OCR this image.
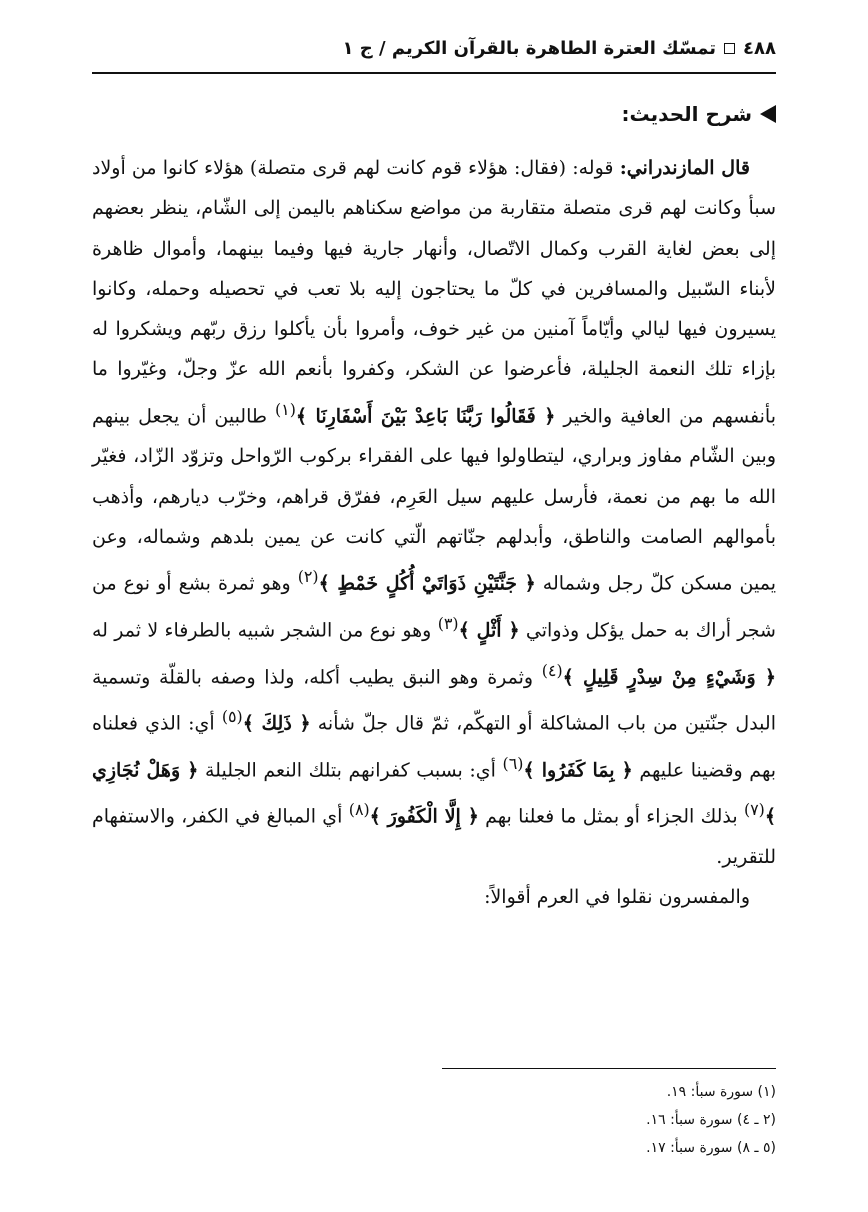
٤٨٨
تمسّك العترة الطاهرة بالقرآن الكريم / ج ١
شرح الحديث:

قال المازندراني: قوله: (فقال: هؤلاء قوم كانت لهم قرى متصلة) هؤلاء كانوا من أولاد سبأ وكانت لهم قرى متصلة متقاربة من مواضع سكناهم باليمن إلى الشّام، ينظر بعضهم إلى بعض لغاية القرب وكمال الاتّصال، وأنهار جارية فيها وفيما بينهما، وأموال ظاهرة لأبناء السّبيل والمسافرين في كلّ ما يحتاجون إليه بلا تعب في تحصيله وحمله، وكانوا يسيرون فيها ليالي وأيّاماً آمنين من غير خوف، وأمروا بأن يأكلوا رزق ربّهم ويشكروا له بإزاء تلك النعمة الجليلة، فأعرضوا عن الشكر، وكفروا بأنعم الله عزّ وجلّ، وغيّروا ما بأنفسهم من العافية والخير ﴿ فَقَالُوا رَبَّنَا بَاعِدْ بَيْنَ أَسْفَارِنَا ﴾$^{(١)}$ طالبين أن يجعل بينهم وبين الشّام مفاوز وبراري، ليتطاولوا فيها على الفقراء بركوب الرّواحل وتزوّد الزّاد، فغيّر الله ما بهم من نعمة، فأرسل عليهم سيل العَرِم، ففرّق قراهم، وخرّب ديارهم، وأذهب بأموالهم الصامت والناطق، وأبدلهم جنّاتهم الّتي كانت عن يمين بلدهم وشماله، وعن يمين مسكن كلّ رجل وشماله ﴿ جَنَّتَيْنِ ذَوَاتَيْ أُكُلٍ خَمْطٍ ﴾$^{(٢)}$ وهو ثمرة بشع أو نوع من شجر أراك به حمل يؤكل وذواتي ﴿ أَثْلٍ ﴾$^{(٣)}$ وهو نوع من الشجر شبيه بالطرفاء لا ثمر له ﴿ وَشَيْءٍ مِنْ سِدْرٍ قَلِيلٍ ﴾$^{(٤)}$ وثمرة وهو النبق يطيب أكله، ولذا وصفه بالقلّة وتسمية البدل جنّتين من باب المشاكلة أو التهكّم، ثمّ قال جلّ شأنه ﴿ ذَلِكَ ﴾$^{(٥)}$ أي: الذي فعلناه بهم وقضينا عليهم ﴿ بِمَا كَفَرُوا ﴾$^{(٦)}$ أي: بسبب كفرانهم بتلك النعم الجليلة ﴿ وَهَلْ نُجَازِي ﴾$^{(٧)}$ بذلك الجزاء أو بمثل ما فعلنا بهم ﴿ إِلَّا الْكَفُورَ ﴾$^{(٨)}$ أي المبالغ في الكفر، والاستفهام للتقرير.

والمفسرون نقلوا في العرم أقوالاً:

(١) سورة سبأ: ١٩.
(٢ ـ ٤) سورة سبأ: ١٦.
(٥ ـ ٨) سورة سبأ: ١٧.
